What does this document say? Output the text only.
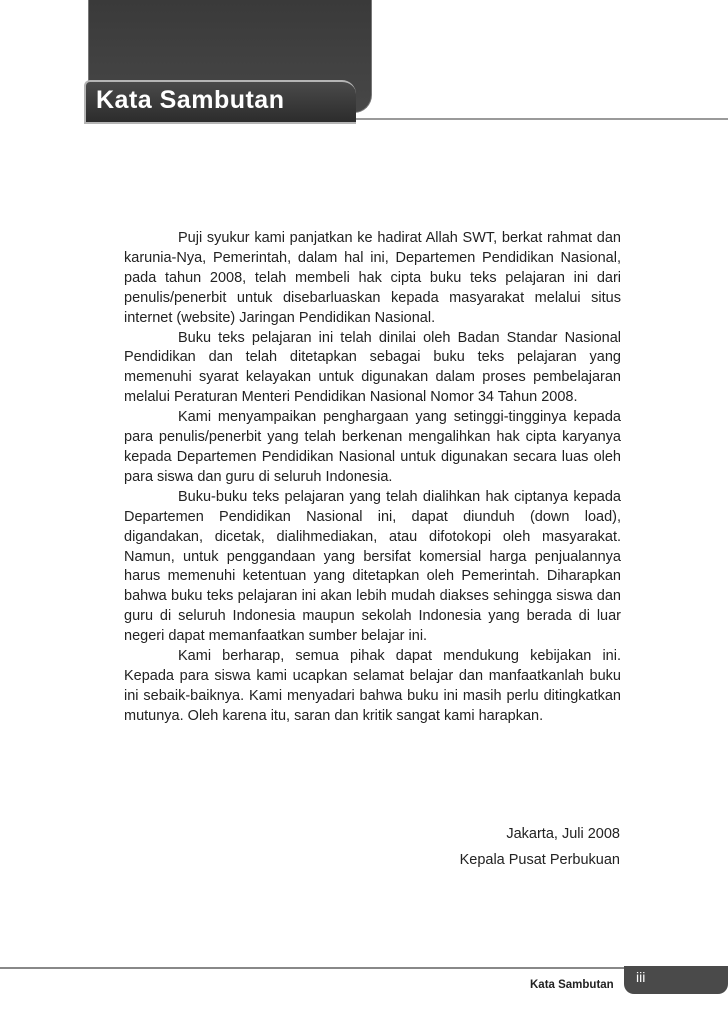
Kata Sambutan

Puji syukur kami panjatkan ke hadirat Allah SWT, berkat rahmat dan karunia-Nya, Pemerintah, dalam hal ini, Departemen Pendidikan Nasional, pada tahun 2008, telah membeli hak cipta buku teks pelajaran ini dari penulis/penerbit untuk disebarluaskan kepada masyarakat melalui situs internet (website) Jaringan Pendidikan Nasional.

Buku teks pelajaran ini telah dinilai oleh Badan Standar Nasional Pendidikan dan telah ditetapkan sebagai buku teks pelajaran yang memenuhi syarat kelayakan untuk digunakan dalam proses pembelajaran melalui Peraturan Menteri Pendidikan Nasional Nomor 34 Tahun 2008.

Kami menyampaikan penghargaan yang setinggi-tingginya kepada para penulis/penerbit yang telah berkenan mengalihkan hak cipta karyanya kepada Departemen Pendidikan Nasional untuk digunakan secara luas oleh para siswa dan guru di seluruh Indonesia.

Buku-buku teks pelajaran yang telah dialihkan hak ciptanya kepada Departemen Pendidikan Nasional ini, dapat diunduh (down load), digandakan, dicetak, dialihmediakan, atau difotokopi oleh masyarakat. Namun, untuk penggandaan yang bersifat komersial harga penjualannya harus memenuhi ketentuan yang ditetapkan oleh Pemerintah. Diharapkan bahwa buku teks pelajaran ini akan lebih mudah diakses sehingga siswa dan guru di seluruh Indonesia maupun sekolah Indonesia yang berada di luar negeri dapat memanfaatkan sumber belajar ini.

Kami berharap, semua pihak dapat mendukung kebijakan ini. Kepada para siswa kami ucapkan selamat belajar dan manfaatkanlah buku ini sebaik-baiknya. Kami menyadari bahwa buku ini masih perlu ditingkatkan mutunya. Oleh karena itu, saran dan kritik sangat kami harapkan.

Jakarta, Juli 2008
Kepala Pusat Perbukuan
Kata Sambutan iii
